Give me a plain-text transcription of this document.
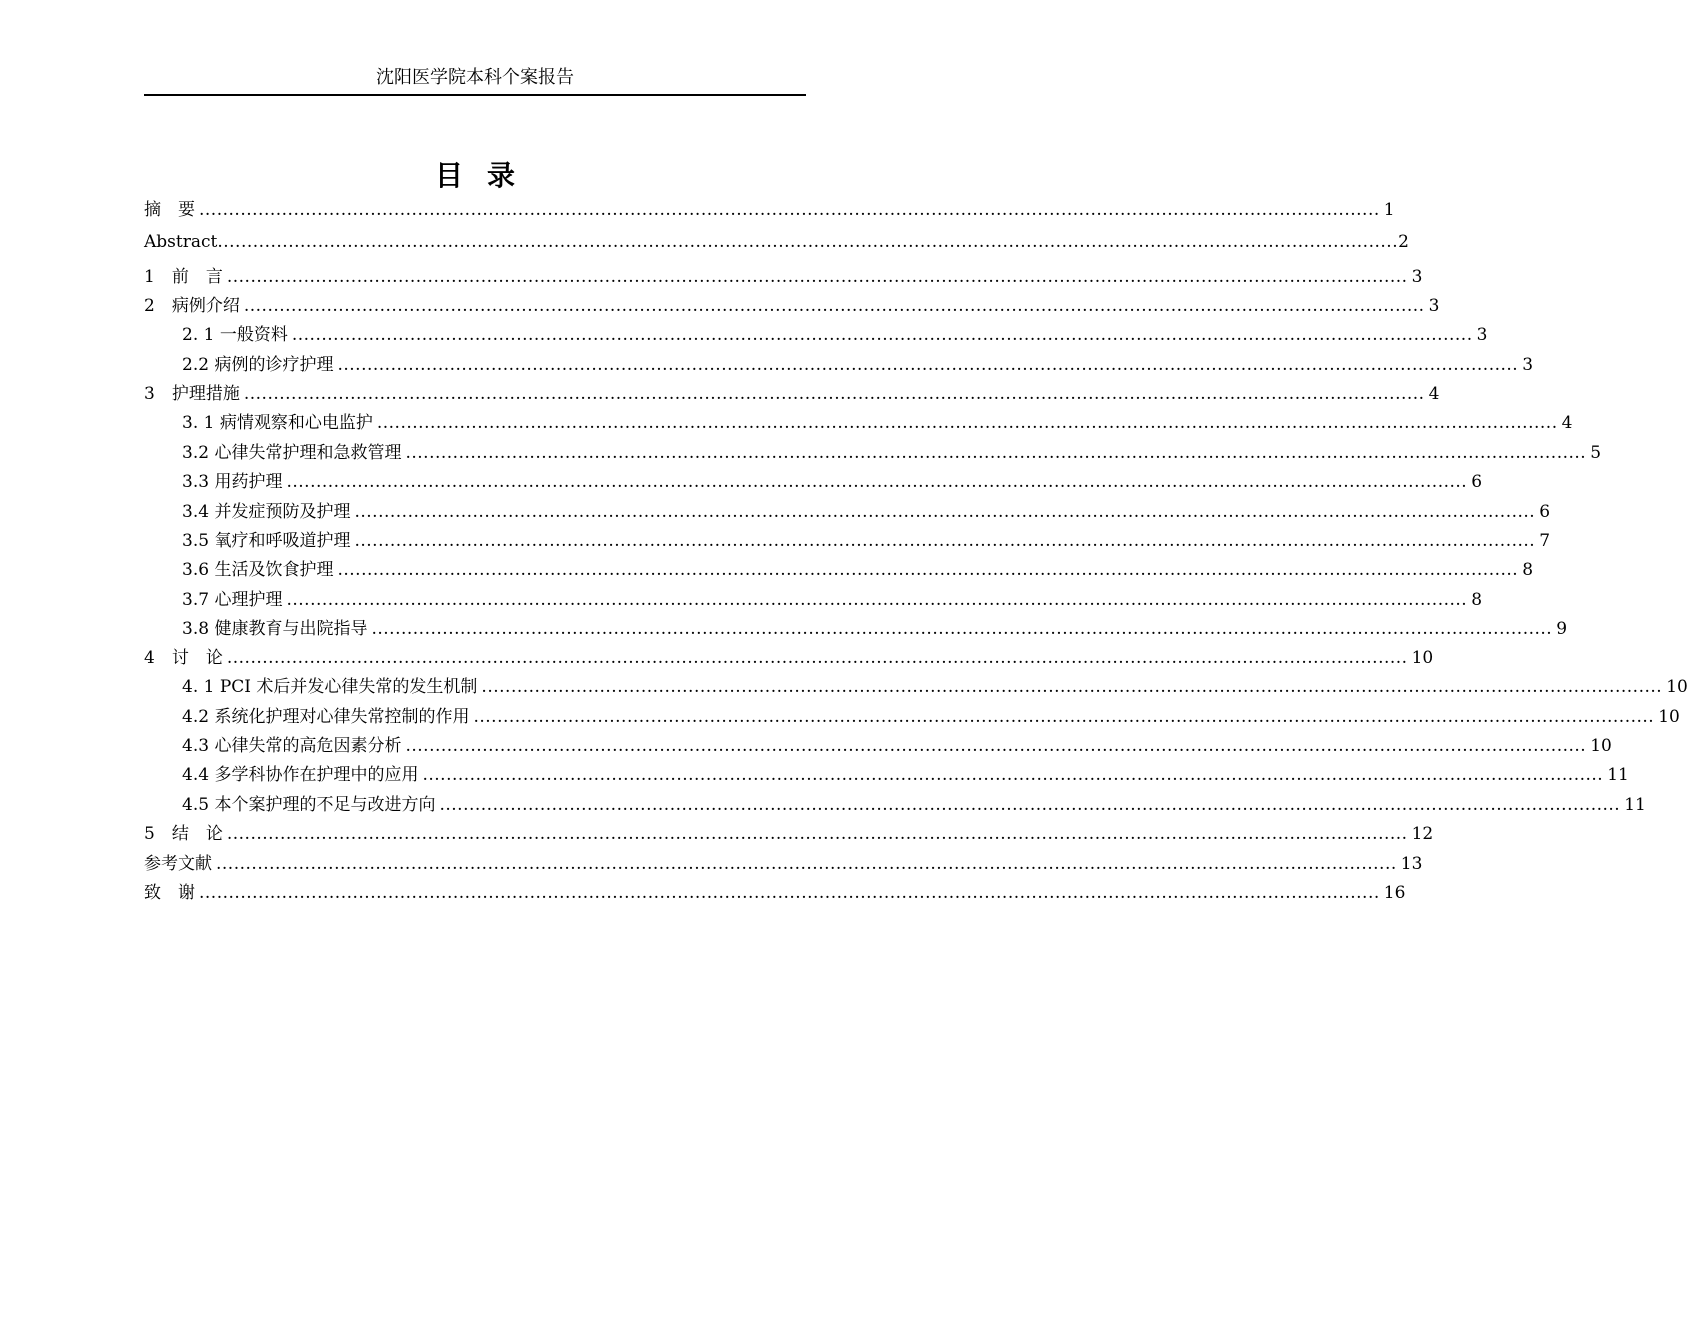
沈阳医学院本科个案报告
目录
摘　要 ........................................................................................................................................................................................................ 1
Abstract ........................................................................................................................................................................................................ 2
1　前　言 ........................................................................................................................................................................................................ 3
2　病例介绍 ........................................................................................................................................................................................................ 3
2. 1 一般资料 ........................................................................................................................................................................................................ 3
2.2 病例的诊疗护理 ........................................................................................................................................................................................................ 3
3　护理措施 ........................................................................................................................................................................................................ 4
3. 1 病情观察和心电监护 ........................................................................................................................................................................................................ 4
3.2 心律失常护理和急救管理 ........................................................................................................................................................................................................ 5
3.3 用药护理 ........................................................................................................................................................................................................ 6
3.4 并发症预防及护理 ........................................................................................................................................................................................................ 6
3.5 氧疗和呼吸道护理 ........................................................................................................................................................................................................ 7
3.6 生活及饮食护理 ........................................................................................................................................................................................................ 8
3.7 心理护理 ........................................................................................................................................................................................................ 8
3.8 健康教育与出院指导 ........................................................................................................................................................................................................ 9
4　讨　论 ........................................................................................................................................................................................................ 10
4. 1 PCI 术后并发心律失常的发生机制 ........................................................................................................................................................................................................ 10
4.2 系统化护理对心律失常控制的作用 ........................................................................................................................................................................................................ 10
4.3 心律失常的高危因素分析 ........................................................................................................................................................................................................ 10
4.4 多学科协作在护理中的应用 ........................................................................................................................................................................................................ 11
4.5 本个案护理的不足与改进方向 ........................................................................................................................................................................................................ 11
5　结　论 ........................................................................................................................................................................................................ 12
参考文献 ........................................................................................................................................................................................................ 13
致　谢 ........................................................................................................................................................................................................ 16
